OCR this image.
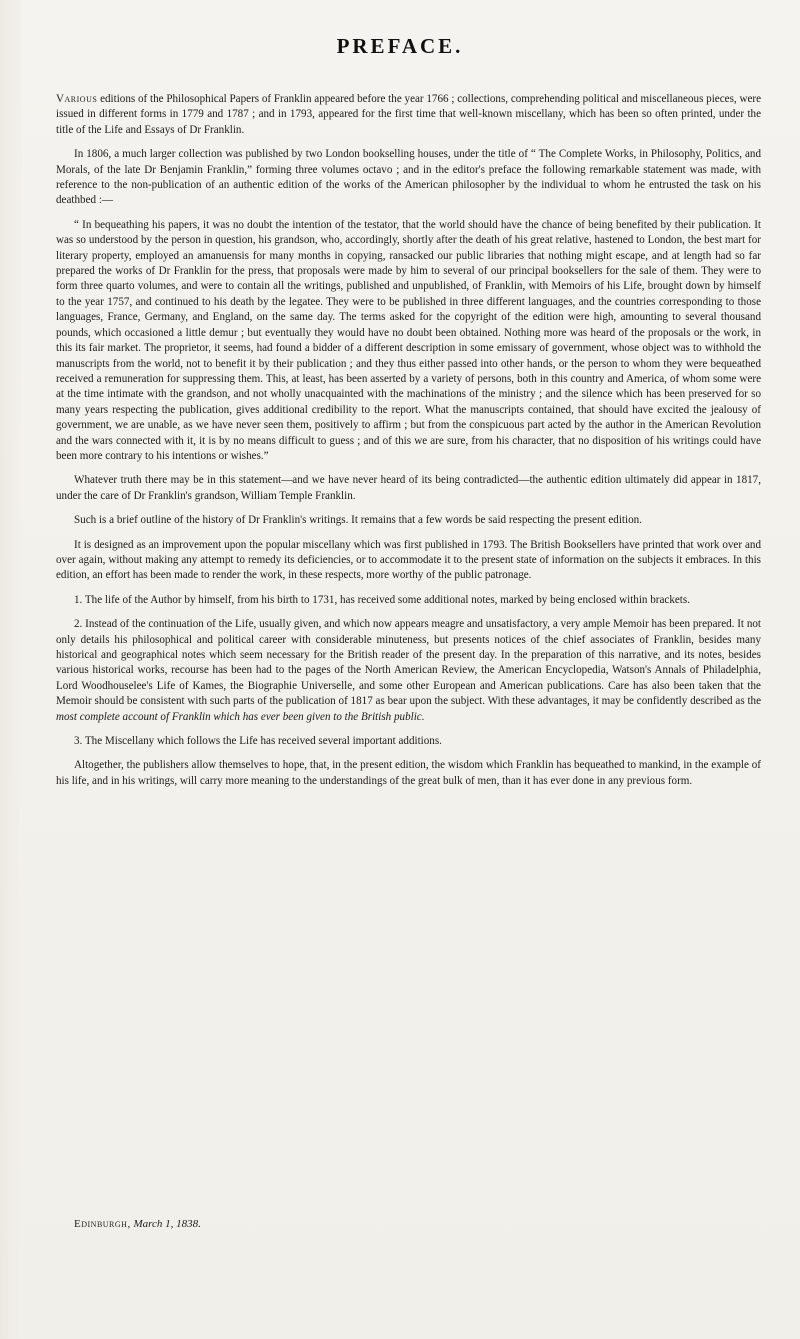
PREFACE.

Various editions of the Philosophical Papers of Franklin appeared before the year 1766 ; collections, comprehending political and miscellaneous pieces, were issued in different forms in 1779 and 1787 ; and in 1793, appeared for the first time that well-known miscellany, which has been so often printed, under the title of the Life and Essays of Dr Franklin.

In 1806, a much larger collection was published by two London bookselling houses, under the title of “ The Complete Works, in Philosophy, Politics, and Morals, of the late Dr Benjamin Franklin,” forming three volumes octavo ; and in the editor's preface the following remarkable statement was made, with reference to the non-publication of an authentic edition of the works of the American philosopher by the individual to whom he entrusted the task on his deathbed :—

“ In bequeathing his papers, it was no doubt the intention of the testator, that the world should have the chance of being benefited by their publication. It was so understood by the person in question, his grandson, who, accordingly, shortly after the death of his great relative, hastened to London, the best mart for literary property, employed an amanuensis for many months in copying, ransacked our public libraries that nothing might escape, and at length had so far prepared the works of Dr Franklin for the press, that proposals were made by him to several of our principal booksellers for the sale of them. They were to form three quarto volumes, and were to contain all the writings, published and unpublished, of Franklin, with Memoirs of his Life, brought down by himself to the year 1757, and continued to his death by the legatee. They were to be published in three different languages, and the countries corresponding to those languages, France, Germany, and England, on the same day. The terms asked for the copyright of the edition were high, amounting to several thousand pounds, which occasioned a little demur ; but eventually they would have no doubt been obtained. Nothing more was heard of the proposals or the work, in this its fair market. The proprietor, it seems, had found a bidder of a different description in some emissary of government, whose object was to withhold the manuscripts from the world, not to benefit it by their publication ; and they thus either passed into other hands, or the person to whom they were bequeathed received a remuneration for suppressing them. This, at least, has been asserted by a variety of persons, both in this country and America, of whom some were at the time intimate with the grandson, and not wholly unacquainted with the machinations of the ministry ; and the silence which has been preserved for so many years respecting the publication, gives additional credibility to the report. What the manuscripts contained, that should have excited the jealousy of government, we are unable, as we have never seen them, positively to affirm ; but from the conspicuous part acted by the author in the American Revolution and the wars connected with it, it is by no means difficult to guess ; and of this we are sure, from his character, that no disposition of his writings could have been more contrary to his intentions or wishes.”

Whatever truth there may be in this statement—and we have never heard of its being contradicted—the authentic edition ultimately did appear in 1817, under the care of Dr Franklin's grandson, William Temple Franklin.

Such is a brief outline of the history of Dr Franklin's writings. It remains that a few words be said respecting the present edition.

It is designed as an improvement upon the popular miscellany which was first published in 1793. The British Booksellers have printed that work over and over again, without making any attempt to remedy its deficiencies, or to accommodate it to the present state of information on the subjects it embraces. In this edition, an effort has been made to render the work, in these respects, more worthy of the public patronage.

1. The life of the Author by himself, from his birth to 1731, has received some additional notes, marked by being enclosed within brackets.

2. Instead of the continuation of the Life, usually given, and which now appears meagre and unsatisfactory, a very ample Memoir has been prepared. It not only details his philosophical and political career with considerable minuteness, but presents notices of the chief associates of Franklin, besides many historical and geographical notes which seem necessary for the British reader of the present day. In the preparation of this narrative, and its notes, besides various historical works, recourse has been had to the pages of the North American Review, the American Encyclopedia, Watson's Annals of Philadelphia, Lord Woodhouselee's Life of Kames, the Biographie Universelle, and some other European and American publications. Care has also been taken that the Memoir should be consistent with such parts of the publication of 1817 as bear upon the subject. With these advantages, it may be confidently described as the most complete account of Franklin which has ever been given to the British public.

3. The Miscellany which follows the Life has received several important additions.

Altogether, the publishers allow themselves to hope, that, in the present edition, the wisdom which Franklin has bequeathed to mankind, in the example of his life, and in his writings, will carry more meaning to the understandings of the great bulk of men, than it has ever done in any previous form.

Edinburgh, March 1, 1838.
